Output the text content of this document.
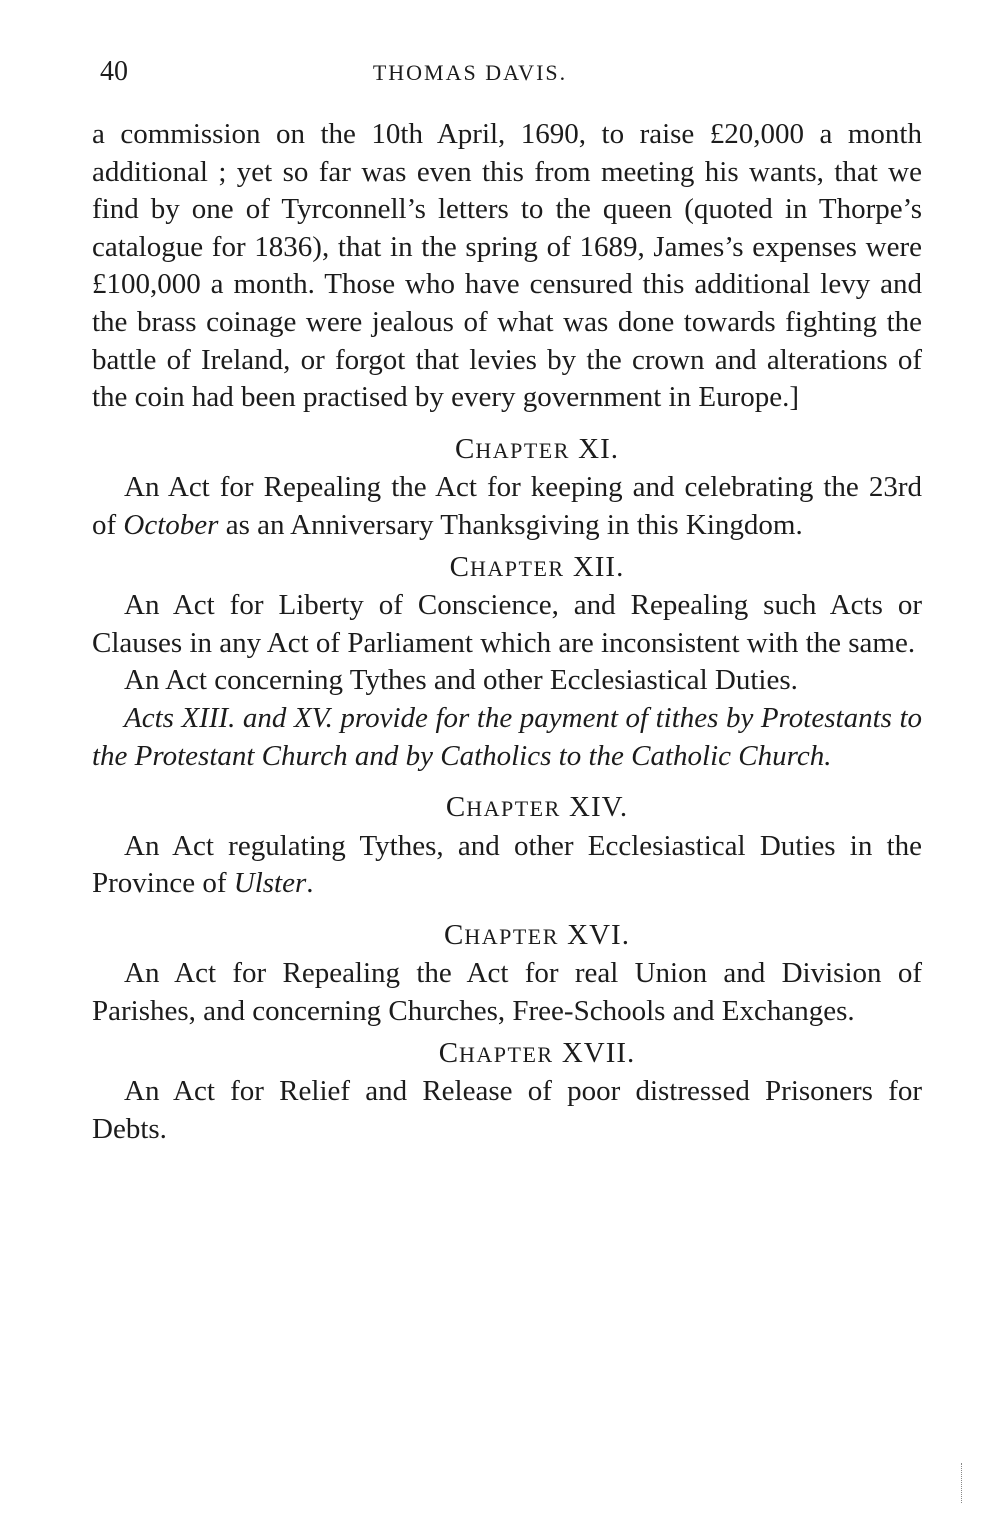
40	THOMAS DAVIS.

a commission on the 10th April, 1690, to raise £20,000 a month additional ; yet so far was even this from meeting his wants, that we find by one of Tyrconnell’s letters to the queen (quoted in Thorpe’s catalogue for 1836), that in the spring of 1689, James’s expenses were £100,000 a month. Those who have censured this additional levy and the brass coinage were jealous of what was done towards fighting the battle of Ireland, or forgot that levies by the crown and alterations of the coin had been practised by every government in Europe.]

CHAPTER XI.

An Act for Repealing the Act for keeping and celebrating the 23rd of October as an Anniversary Thanksgiving in this Kingdom.

CHAPTER XII.

An Act for Liberty of Conscience, and Repealing such Acts or Clauses in any Act of Parliament which are inconsistent with the same.

An Act concerning Tythes and other Ecclesiastical Duties.

Acts XIII. and XV. provide for the payment of tithes by Protestants to the Protestant Church and by Catholics to the Catholic Church.

CHAPTER XIV.

An Act regulating Tythes, and other Ecclesiastical Duties in the Province of Ulster.

CHAPTER XVI.

An Act for Repealing the Act for real Union and Division of Parishes, and concerning Churches, Free-Schools and Exchanges.

CHAPTER XVII.

An Act for Relief and Release of poor distressed Prisoners for Debts.
